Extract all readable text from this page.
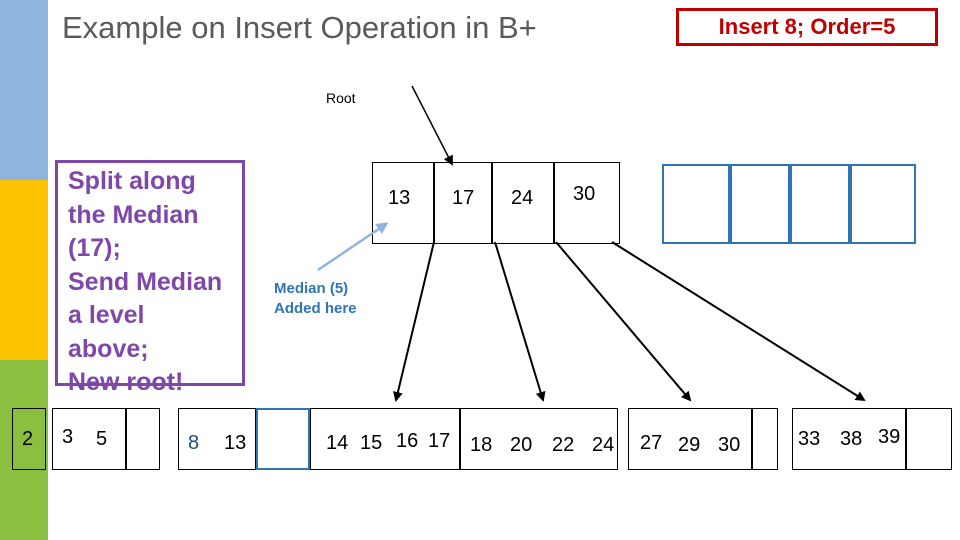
Example on Insert Operation in B+	Insert 8; Order=5
Root
Split along
the Median
(17);
Send Median
a level
above;
New root!
Median (5)
Added here
13 17 24 30
2 3 5	8 13	14 15 16 17 18 20 22 24 27 29 30	33 38 39
